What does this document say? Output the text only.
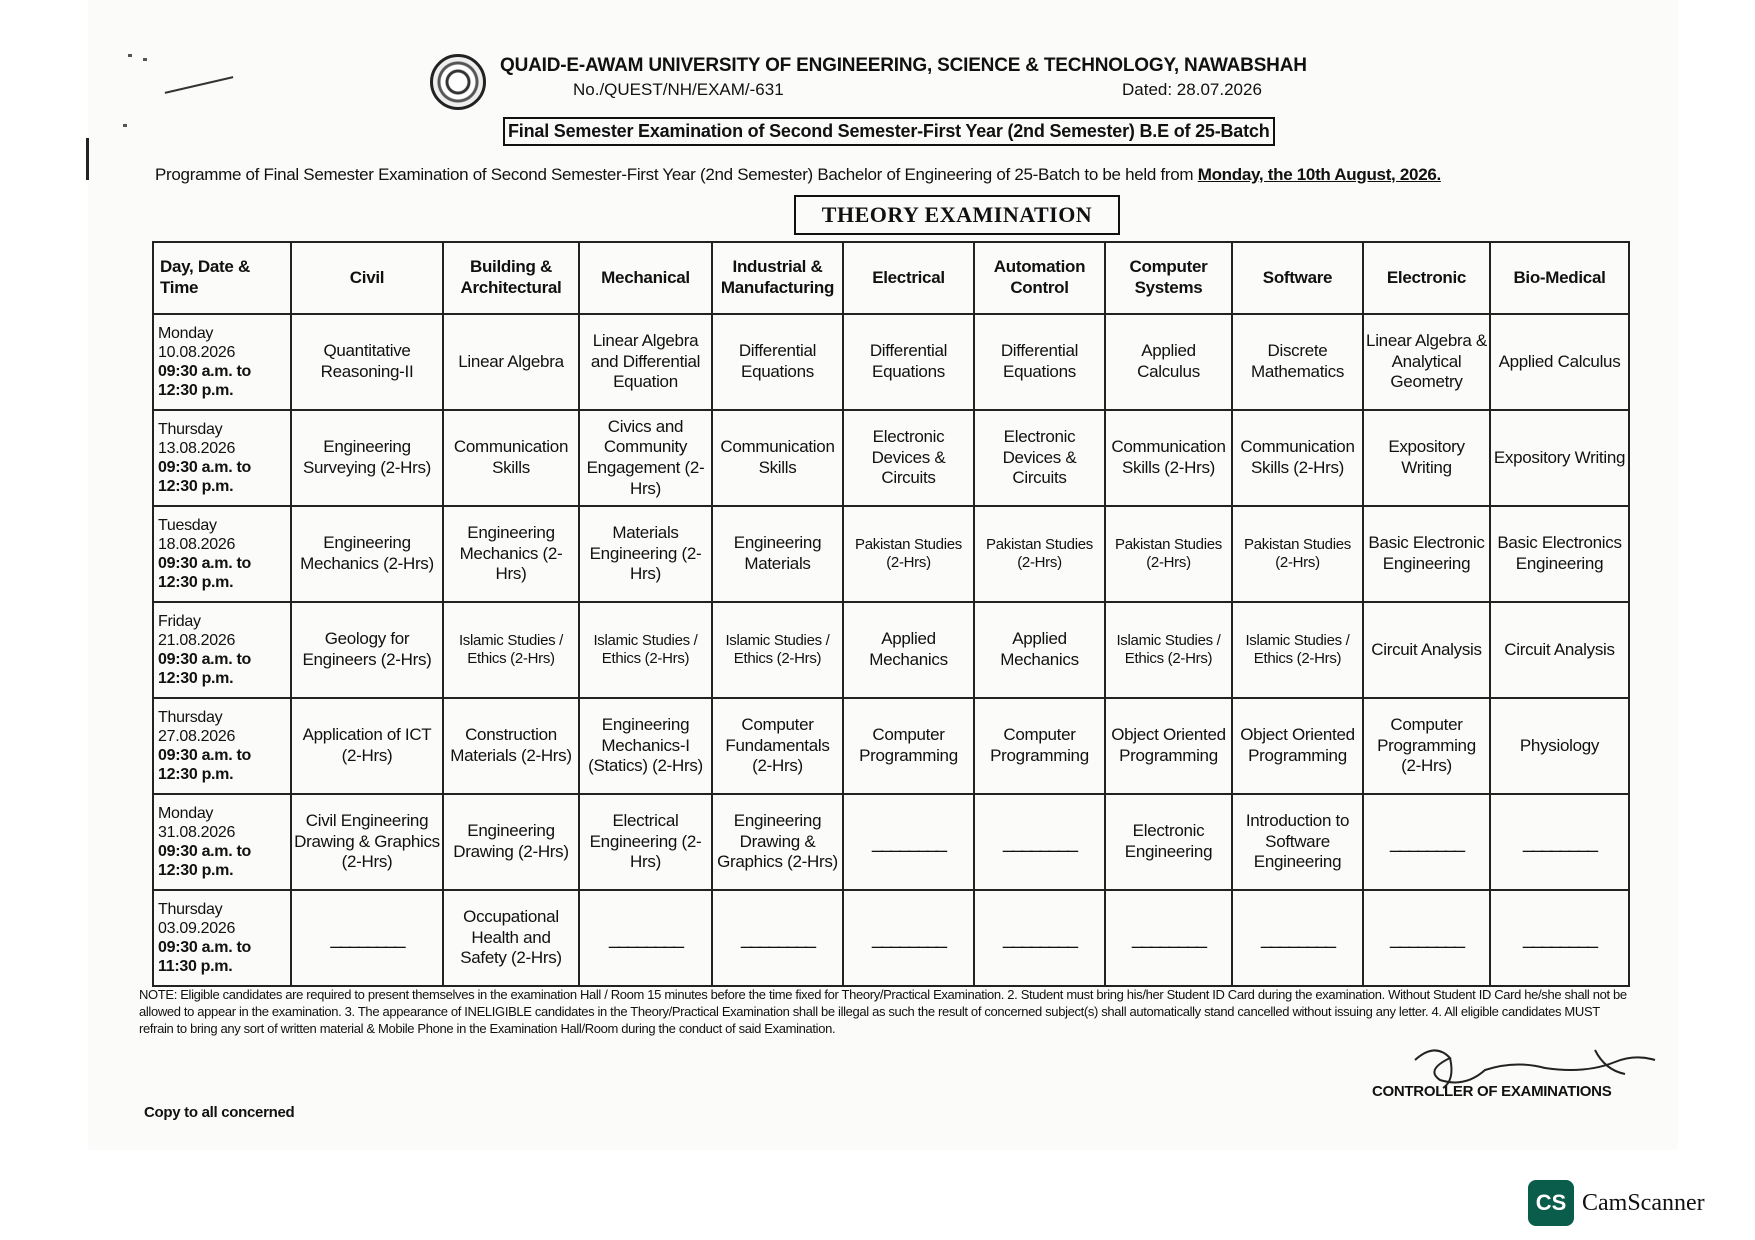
QUAID-E-AWAM UNIVERSITY OF ENGINEERING, SCIENCE & TECHNOLOGY, NAWABSHAH
No./QUEST/NH/EXAM/-631	Dated: 28.07.2026
Final Semester Examination of Second Semester-First Year (2nd Semester) B.E of 25-Batch
Programme of Final Semester Examination of Second Semester-First Year (2nd Semester) Bachelor of Engineering of 25-Batch to be held from Monday, the 10th August, 2026.
THEORY EXAMINATION
Day, Date & Time	Civil	Building & Architectural	Mechanical	Industrial & Manufacturing	Electrical	Automation Control	Computer Systems	Software	Electronic	Bio-Medical

Monday
10.08.2026
09:30 a.m. to
12:30 p.m.	Quantitative Reasoning-II	Linear Algebra	Linear Algebra and Differential Equation	Differential Equations	Differential Equations	Differential Equations	Applied Calculus	Discrete Mathematics	Linear Algebra & Analytical Geometry	Applied Calculus

Thursday
13.08.2026
09:30 a.m. to
12:30 p.m.	Engineering Surveying (2-Hrs)	Communication Skills	Civics and Community Engagement (2-Hrs)	Communication Skills	Electronic Devices & Circuits	Electronic Devices & Circuits	Communication Skills (2-Hrs)	Communication Skills (2-Hrs)	Expository Writing	Expository Writing

Tuesday
18.08.2026
09:30 a.m. to
12:30 p.m.	Engineering Mechanics (2-Hrs)	Engineering Mechanics (2-Hrs)	Materials Engineering (2-Hrs)	Engineering Materials	Pakistan Studies (2-Hrs)	Pakistan Studies (2-Hrs)	Pakistan Studies (2-Hrs)	Pakistan Studies (2-Hrs)	Basic Electronic Engineering	Basic Electronics Engineering

Friday
21.08.2026
09:30 a.m. to
12:30 p.m.	Geology for Engineers (2-Hrs)	Islamic Studies / Ethics (2-Hrs)	Islamic Studies / Ethics (2-Hrs)	Islamic Studies / Ethics (2-Hrs)	Applied Mechanics	Applied Mechanics	Islamic Studies / Ethics (2-Hrs)	Islamic Studies / Ethics (2-Hrs)	Circuit Analysis	Circuit Analysis

Thursday
27.08.2026
09:30 a.m. to
12:30 p.m.	Application of ICT (2-Hrs)	Construction Materials (2-Hrs)	Engineering Mechanics-I (Statics) (2-Hrs)	Computer Fundamentals (2-Hrs)	Computer Programming	Computer Programming	Object Oriented Programming	Object Oriented Programming	Computer Programming (2-Hrs)	Physiology

Monday
31.08.2026
09:30 a.m. to
12:30 p.m.	Civil Engineering Drawing & Graphics (2-Hrs)	Engineering Drawing (2-Hrs)	Electrical Engineering (2-Hrs)	Engineering Drawing & Graphics (2-Hrs)	________	________	Electronic Engineering	Introduction to Software Engineering	________	________

Thursday
03.09.2026
09:30 a.m. to
11:30 p.m.	________	Occupational Health and Safety (2-Hrs)	________	________	________	________	________	________	________	________
NOTE: Eligible candidates are required to present themselves in the examination Hall / Room 15 minutes before the time fixed for Theory/Practical Examination. 2. Student must bring his/her Student ID Card during the examination. Without Student ID Card he/she shall not be allowed to appear in the examination. 3. The appearance of INELIGIBLE candidates in the Theory/Practical Examination shall be illegal as such the result of concerned subject(s) shall automatically stand cancelled without issuing any letter. 4. All eligible candidates MUST refrain to bring any sort of written material & Mobile Phone in the Examination Hall/Room during the conduct of said Examination.
Copy to all concerned
CONTROLLER OF EXAMINATIONS
CS CamScanner
